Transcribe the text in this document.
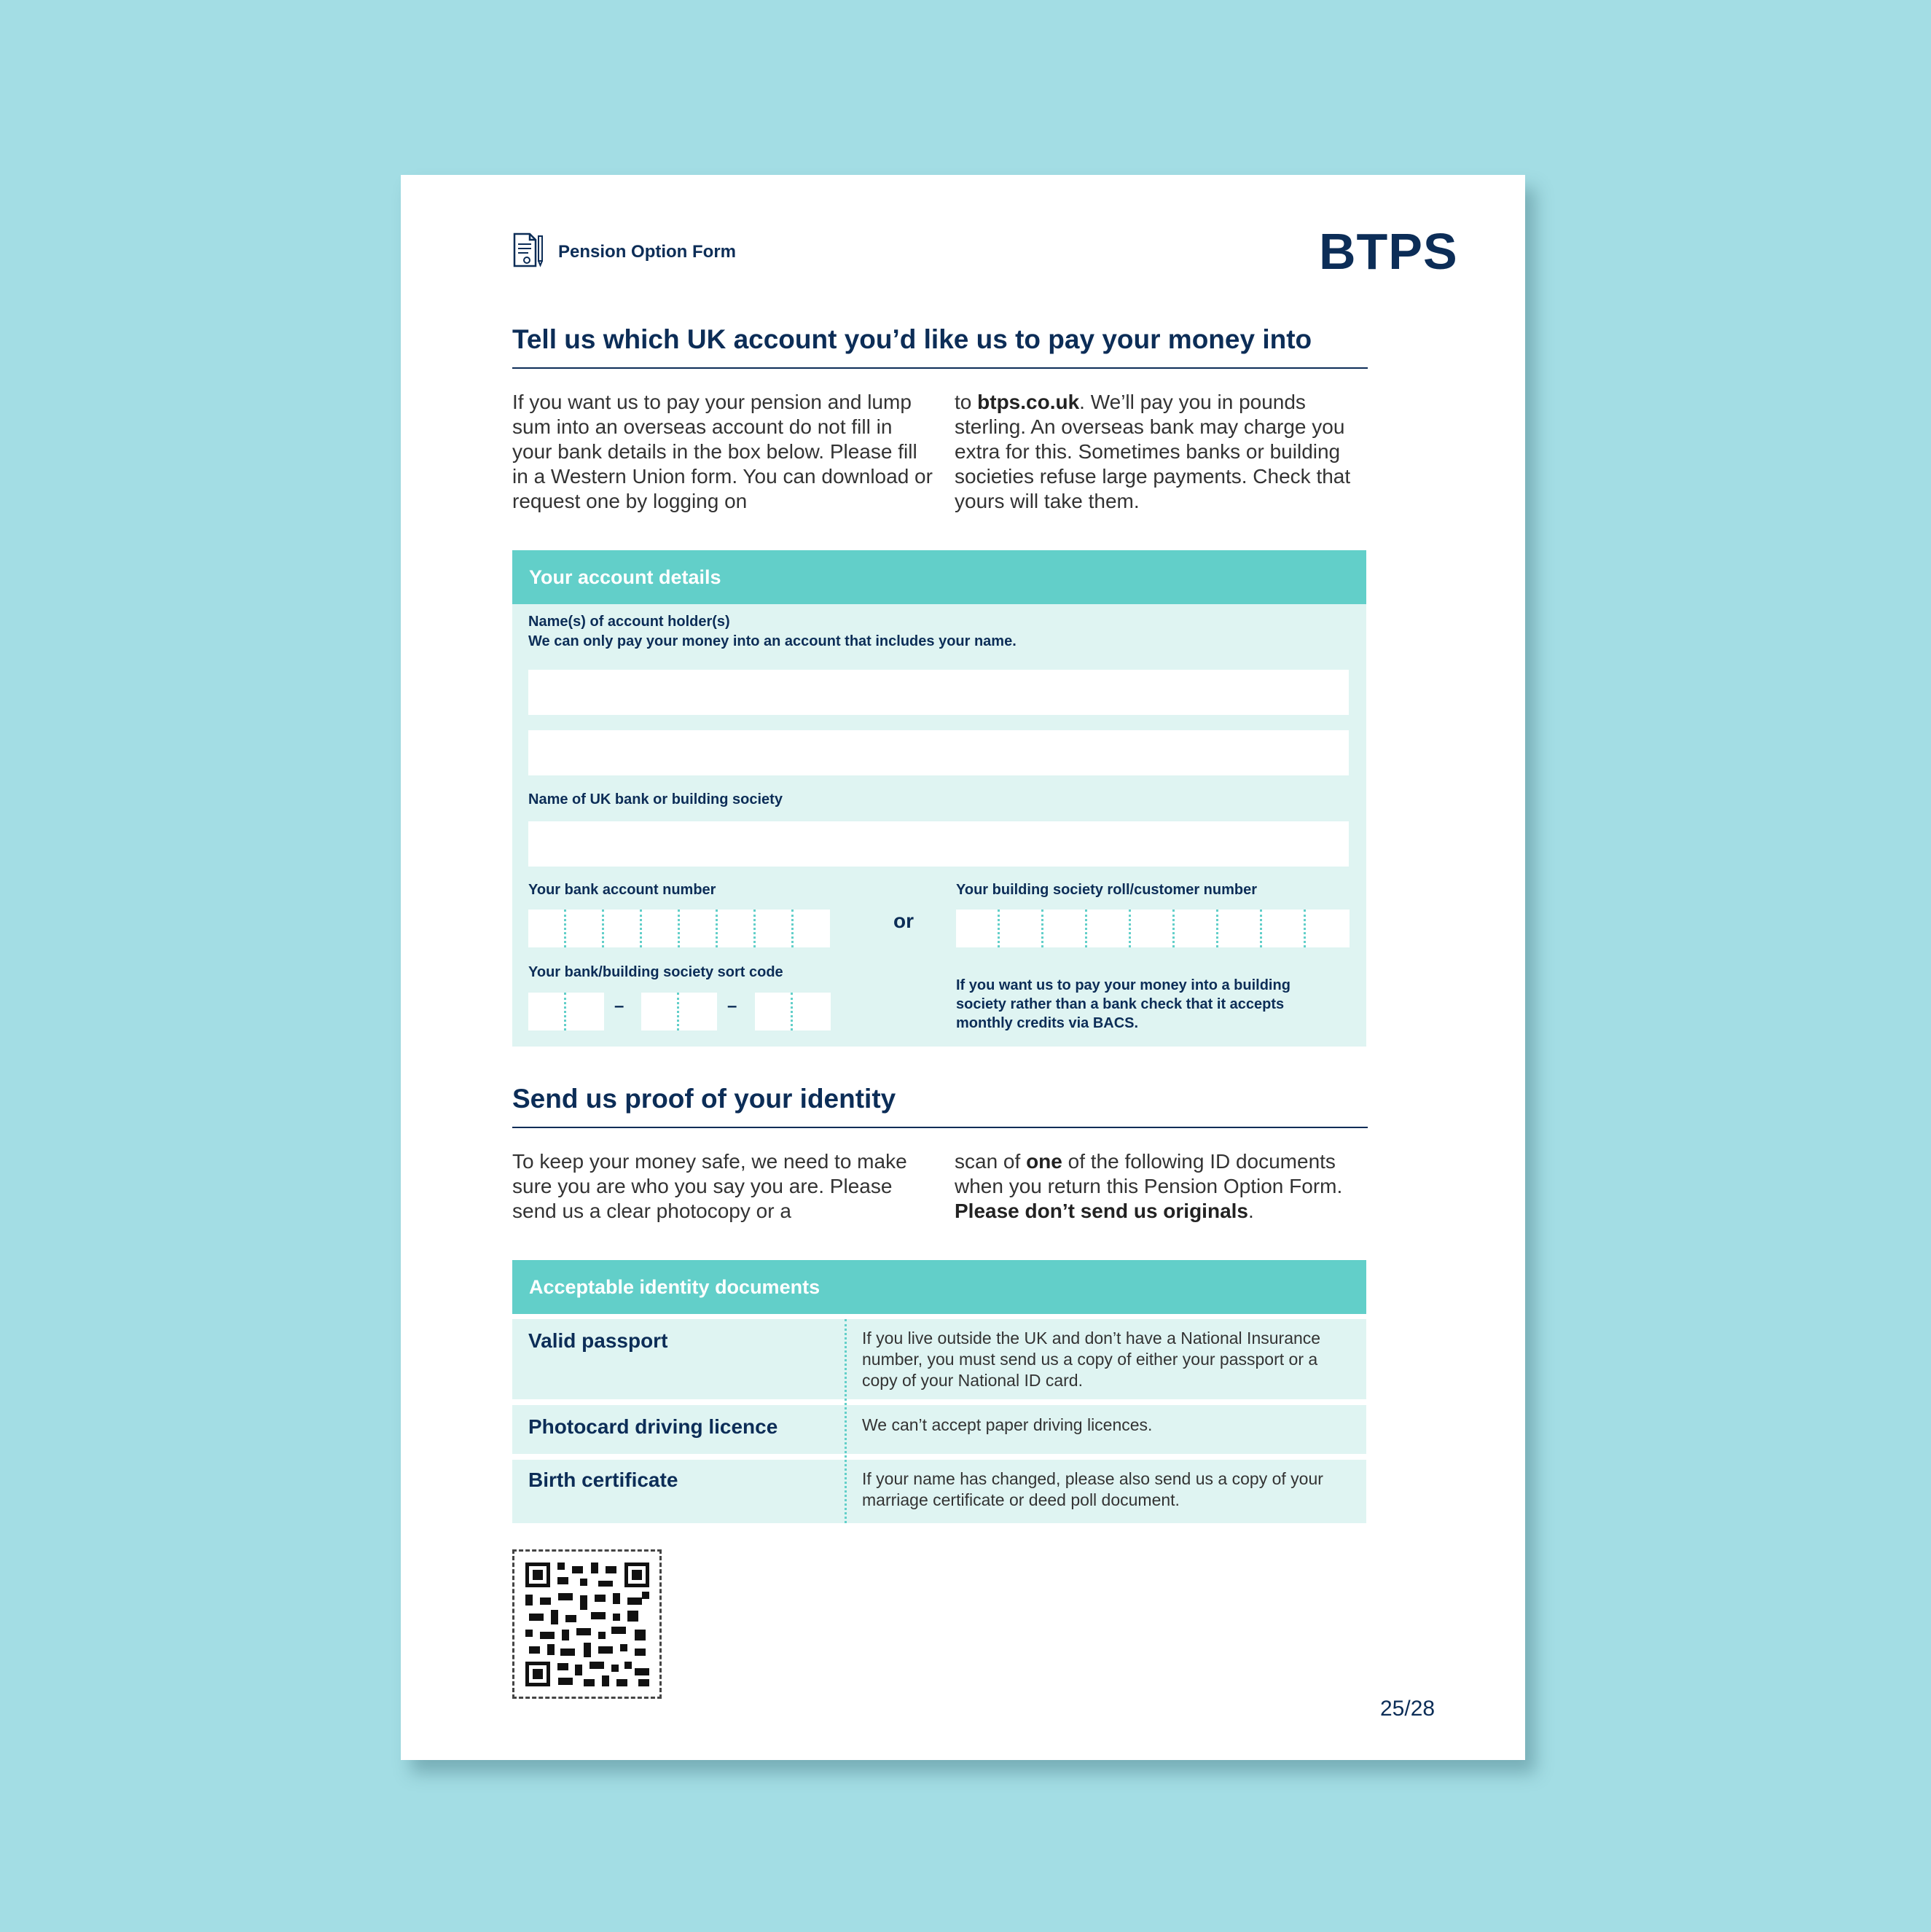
Pension Option Form	BTPS
Tell us which UK account you’d like us to pay your money into
If you want us to pay your pension and lump sum into an overseas account do not fill in your bank details in the box below. Please fill in a Western Union form. You can download or request one by logging on
to btps.co.uk. We’ll pay you in pounds sterling. An overseas bank may charge you extra for this. Sometimes banks or building societies refuse large payments. Check that yours will take them.
Your account details
Name(s) of account holder(s)
We can only pay your money into an account that includes your name.
Name of UK bank or building society
Your bank account number
or
Your building society roll/customer number
Your bank/building society sort code
–	–
If you want us to pay your money into a building society rather than a bank check that it accepts monthly credits via BACS.
Send us proof of your identity
To keep your money safe, we need to make sure you are who you say you are. Please send us a clear photocopy or a
scan of one of the following ID documents when you return this Pension Option Form. Please don’t send us originals.
Acceptable identity documents
Valid passport	If you live outside the UK and don’t have a National Insurance number, you must send us a copy of either your passport or a copy of your National ID card.
Photocard driving licence	We can’t accept paper driving licences.
Birth certificate	If your name has changed, please also send us a copy of your marriage certificate or deed poll document.
25/28
